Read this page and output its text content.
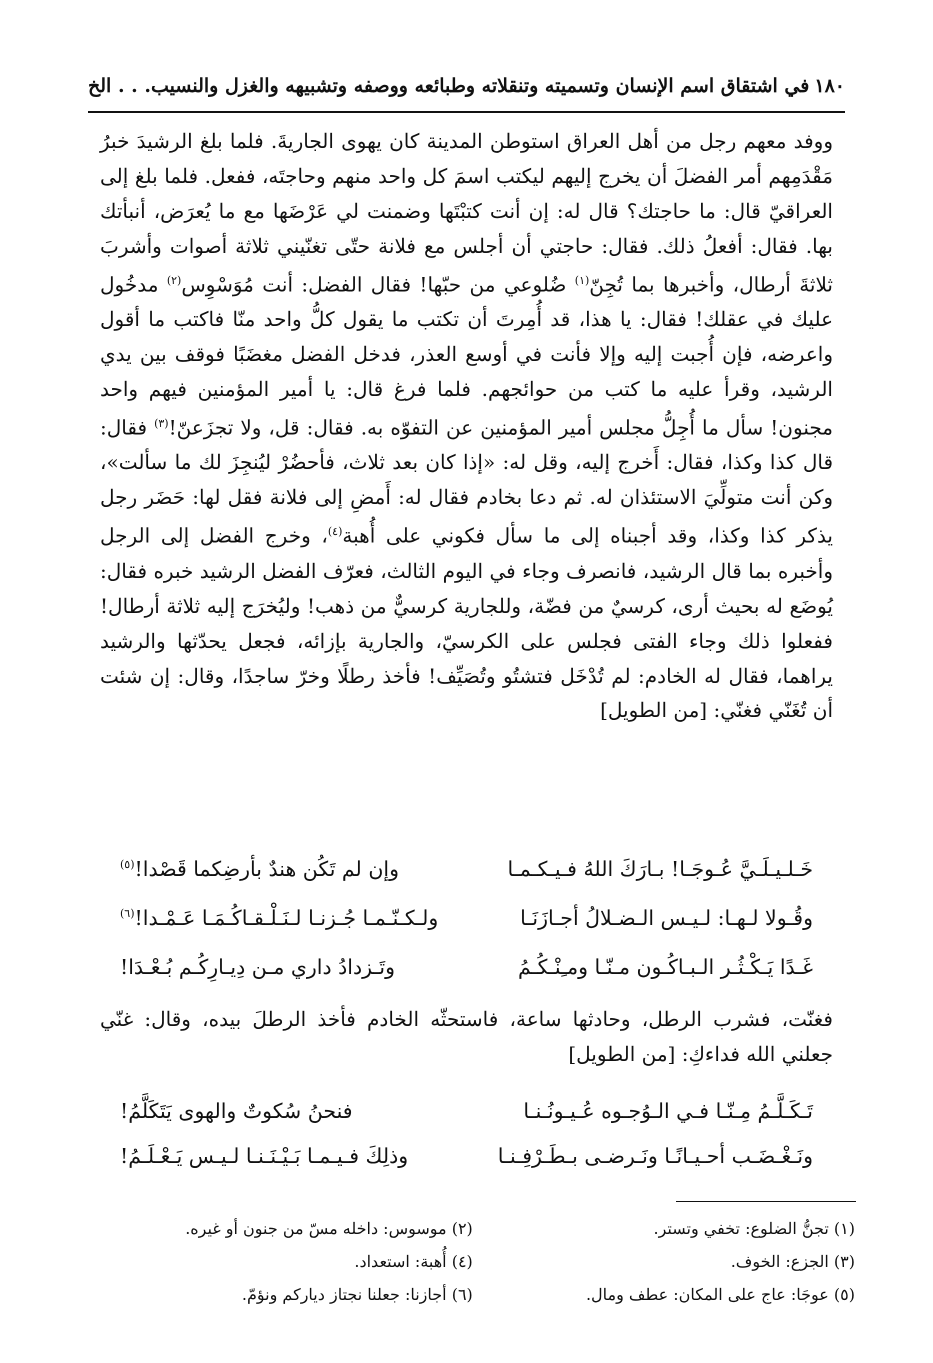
١٨٠
في اشتقاق اسم الإنسان وتسميته وتنقلاته وطبائعه ووصفه وتشبيهه والغزل والنسيب. . . الخ

ووفد معهم رجل من أهل العراق استوطن المدينة كان يهوى الجاريةَ. فلما بلغ الرشيدَ خبرُ مَقْدَمِهم أمر الفضلَ أن يخرج إليهم ليكتب اسمَ كل واحد منهم وحاجتَه، ففعل. فلما بلغ إلى العراقيّ قال: ما حاجتك؟ قال له: إن أنت كتبْتَها وضمنت لي عَرْضَها مع ما يُعرَض، أنبأتك بها. فقال: أفعلُ ذلك. فقال: حاجتي أن أجلس مع فلانة حتّى تغنّيني ثلاثة أصوات وأشربَ ثلاثةَ أرطال، وأخبرها بما تُجِنّ$^{(١)}$ ضُلوعي من حبّها! فقال الفضل: أنت مُوَسْوِس$^{(٢)}$ مدخُول عليك في عقلك! فقال: يا هذا، قد أُمِرتَ أن تكتب ما يقول كلُّ واحد منّا فاكتب ما أقول واعرضه، فإن أُجبت إليه وإلا فأنت في أوسع العذر، فدخل الفضل مغضَبًا فوقف بين يدي الرشيد، وقرأ عليه ما كتب من حوائجهم. فلما فرغ قال: يا أمير المؤمنين فيهم واحد مجنون! سأل ما أُجِلُّ مجلس أمير المؤمنين عن التفوّه به. فقال: قل، ولا تجزَعنّ!$^{(٣)}$ فقال: قال كذا وكذا، فقال: أَخرج إليه، وقل له: «إذا كان بعد ثلاث، فأحضُرْ ليُنجِزَ لك ما سألت»، وكن أنت متولِّيَ الاستئذان له. ثم دعا بخادم فقال له: أَمضِ إلى فلانة فقل لها: حَضَر رجل يذكر كذا وكذا، وقد أجبناه إلى ما سأل فكوني على أُهبة$^{(٤)}$، وخرج الفضل إلى الرجل وأخبره بما قال الرشيد، فانصرف وجاء في اليوم الثالث، فعرّف الفضل الرشيد خبره فقال: يُوضَع له بحيث أرى، كرسيٌ من فضّة، وللجارية كرسيٌّ من ذهب! وليُخرَج إليه ثلاثة أرطال! ففعلوا ذلك وجاء الفتى فجلس على الكرسيّ، والجارية بإزائه، فجعل يحدّثها والرشيد يراهما، فقال له الخادم: لم تُدْخَل فتشتُو وتُصَيِّف! فأخذ رطلًا وخرّ ساجدًا، وقال: إن شئت أن تُغَنّي فغنّي: [من الطويل]

خَـلـيـلَـيَّ عُـوجَـا! بـارَكَ اللهُ فـيـكـمـا
وإن لم تَكُن هندٌ بأرضِكما قَصْدا!$^{(٥)}$
وقُـولا لـهـا: لـيـس الـضـلالُ أجـازَنَـا
ولـكـنّـمـا جُـزنـا لـنَـلْـقـاكُـمَـا عَـمْـدا!$^{(٦)}$
غَـدًا يَـكْـثُـر الـبـاكُـون مـنّـا ومـِنْـكُـمُ
وتَـزدادُ داري مـن دِيـارِكُـم بُـعْـدَا!

فغنّت، فشرب الرطل، وحادثها ساعة، فاستحثّه الخادم فأخذ الرطلَ بيده، وقال: غنّي جعلني الله فداءكِ: [من الطويل]

تَـكَـلَّـمُ مِـنّـا فـي الـوُجـوه عُـيـونُـنـا
فنحنُ سُكوتٌ والهوى يَتَكَلَّمُ!
ونَـغْـضَـب أحـيـانًـا ونَـرضـى بـطَـرْفِـنـا
وذلِكَ فـيـمـا بَـيْـنَـنـا لـيـس يَـعْـلَـمُ!
(١) تجنُّ الضلوع: تخفي وتستر.
(٢) موسوس: داخله مسّ من جنون أو غيره.
(٣) الجزع: الخوف.
(٤) أُهبة: استعداد.
(٥) عوجَا: عاج على المكان: عطف ومال.
(٦) أجازنا: جعلنا نجتاز دياركم ونؤمّ.
